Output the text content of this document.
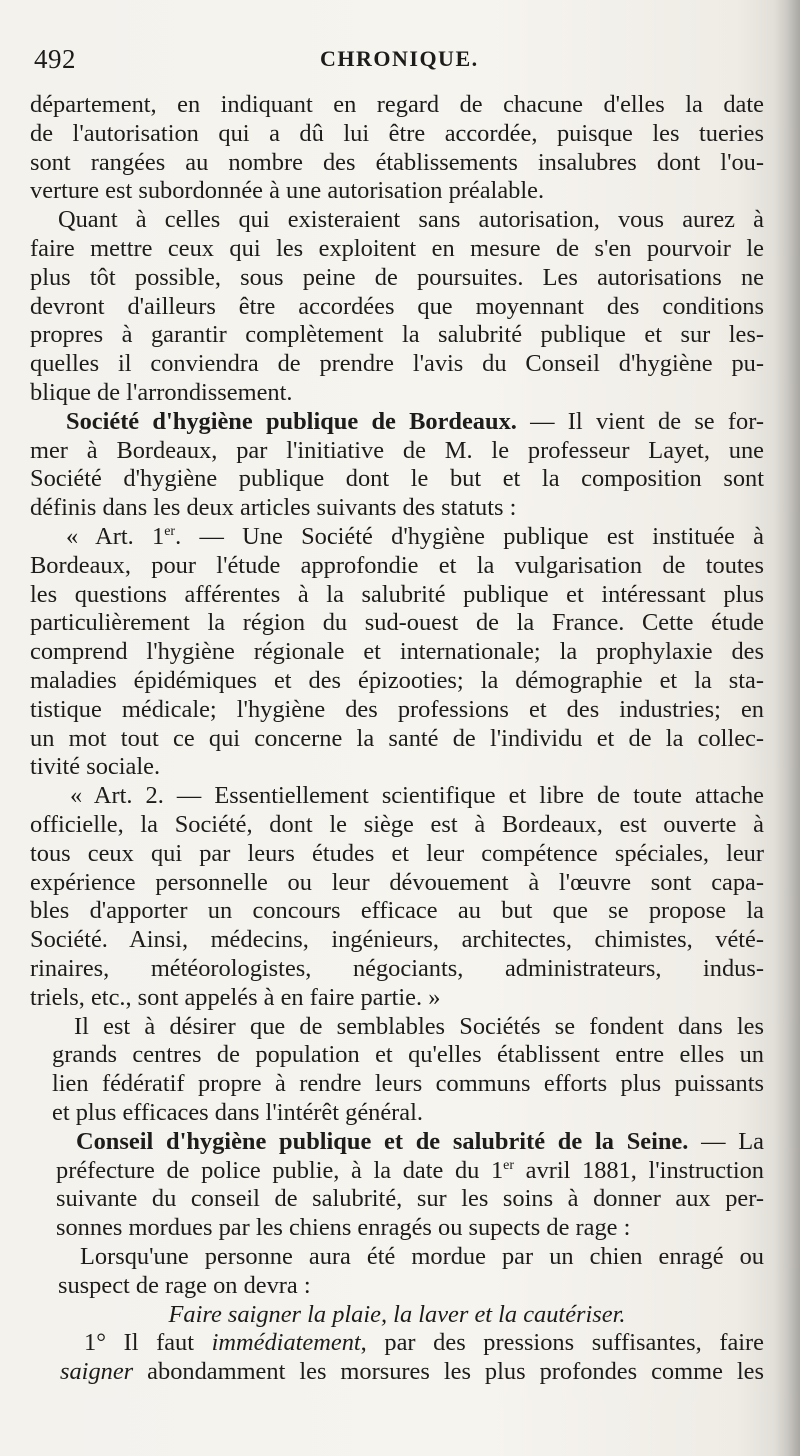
492	CHRONIQUE.
département, en indiquant en regard de chacune d'elles la date
de l'autorisation qui a dû lui être accordée, puisque les tueries
sont rangées au nombre des établissements insalubres dont l'ou-
verture est subordonnée à une autorisation préalable.
Quant à celles qui existeraient sans autorisation, vous aurez à
faire mettre ceux qui les exploitent en mesure de s'en pourvoir le
plus tôt possible, sous peine de poursuites. Les autorisations ne
devront d'ailleurs être accordées que moyennant des conditions
propres à garantir complètement la salubrité publique et sur les-
quelles il conviendra de prendre l'avis du Conseil d'hygiène pu-
blique de l'arrondissement.
Société d'hygiène publique de Bordeaux. — Il vient de se for-
mer à Bordeaux, par l'initiative de M. le professeur Layet, une
Société d'hygiène publique dont le but et la composition sont
définis dans les deux articles suivants des statuts :
« Art. 1er. — Une Société d'hygiène publique est instituée à
Bordeaux, pour l'étude approfondie et la vulgarisation de toutes
les questions afférentes à la salubrité publique et intéressant plus
particulièrement la région du sud-ouest de la France. Cette étude
comprend l'hygiène régionale et internationale; la prophylaxie des
maladies épidémiques et des épizooties; la démographie et la sta-
tistique médicale; l'hygiène des professions et des industries; en
un mot tout ce qui concerne la santé de l'individu et de la collec-
tivité sociale.
« Art. 2. — Essentiellement scientifique et libre de toute attache
officielle, la Société, dont le siège est à Bordeaux, est ouverte à
tous ceux qui par leurs études et leur compétence spéciales, leur
expérience personnelle ou leur dévouement à l'œuvre sont capa-
bles d'apporter un concours efficace au but que se propose la
Société. Ainsi, médecins, ingénieurs, architectes, chimistes, vété-
rinaires, météorologistes, négociants, administrateurs, indus-
triels, etc., sont appelés à en faire partie. »
Il est à désirer que de semblables Sociétés se fondent dans les
grands centres de population et qu'elles établissent entre elles un
lien fédératif propre à rendre leurs communs efforts plus puissants
et plus efficaces dans l'intérêt général.
Conseil d'hygiène publique et de salubrité de la Seine. — La
préfecture de police publie, à la date du 1er avril 1881, l'instruction
suivante du conseil de salubrité, sur les soins à donner aux per-
sonnes mordues par les chiens enragés ou supects de rage :
Lorsqu'une personne aura été mordue par un chien enragé ou
suspect de rage on devra :
Faire saigner la plaie, la laver et la cautériser.
1° Il faut immédiatement, par des pressions suffisantes, faire
saigner abondamment les morsures les plus profondes comme les
